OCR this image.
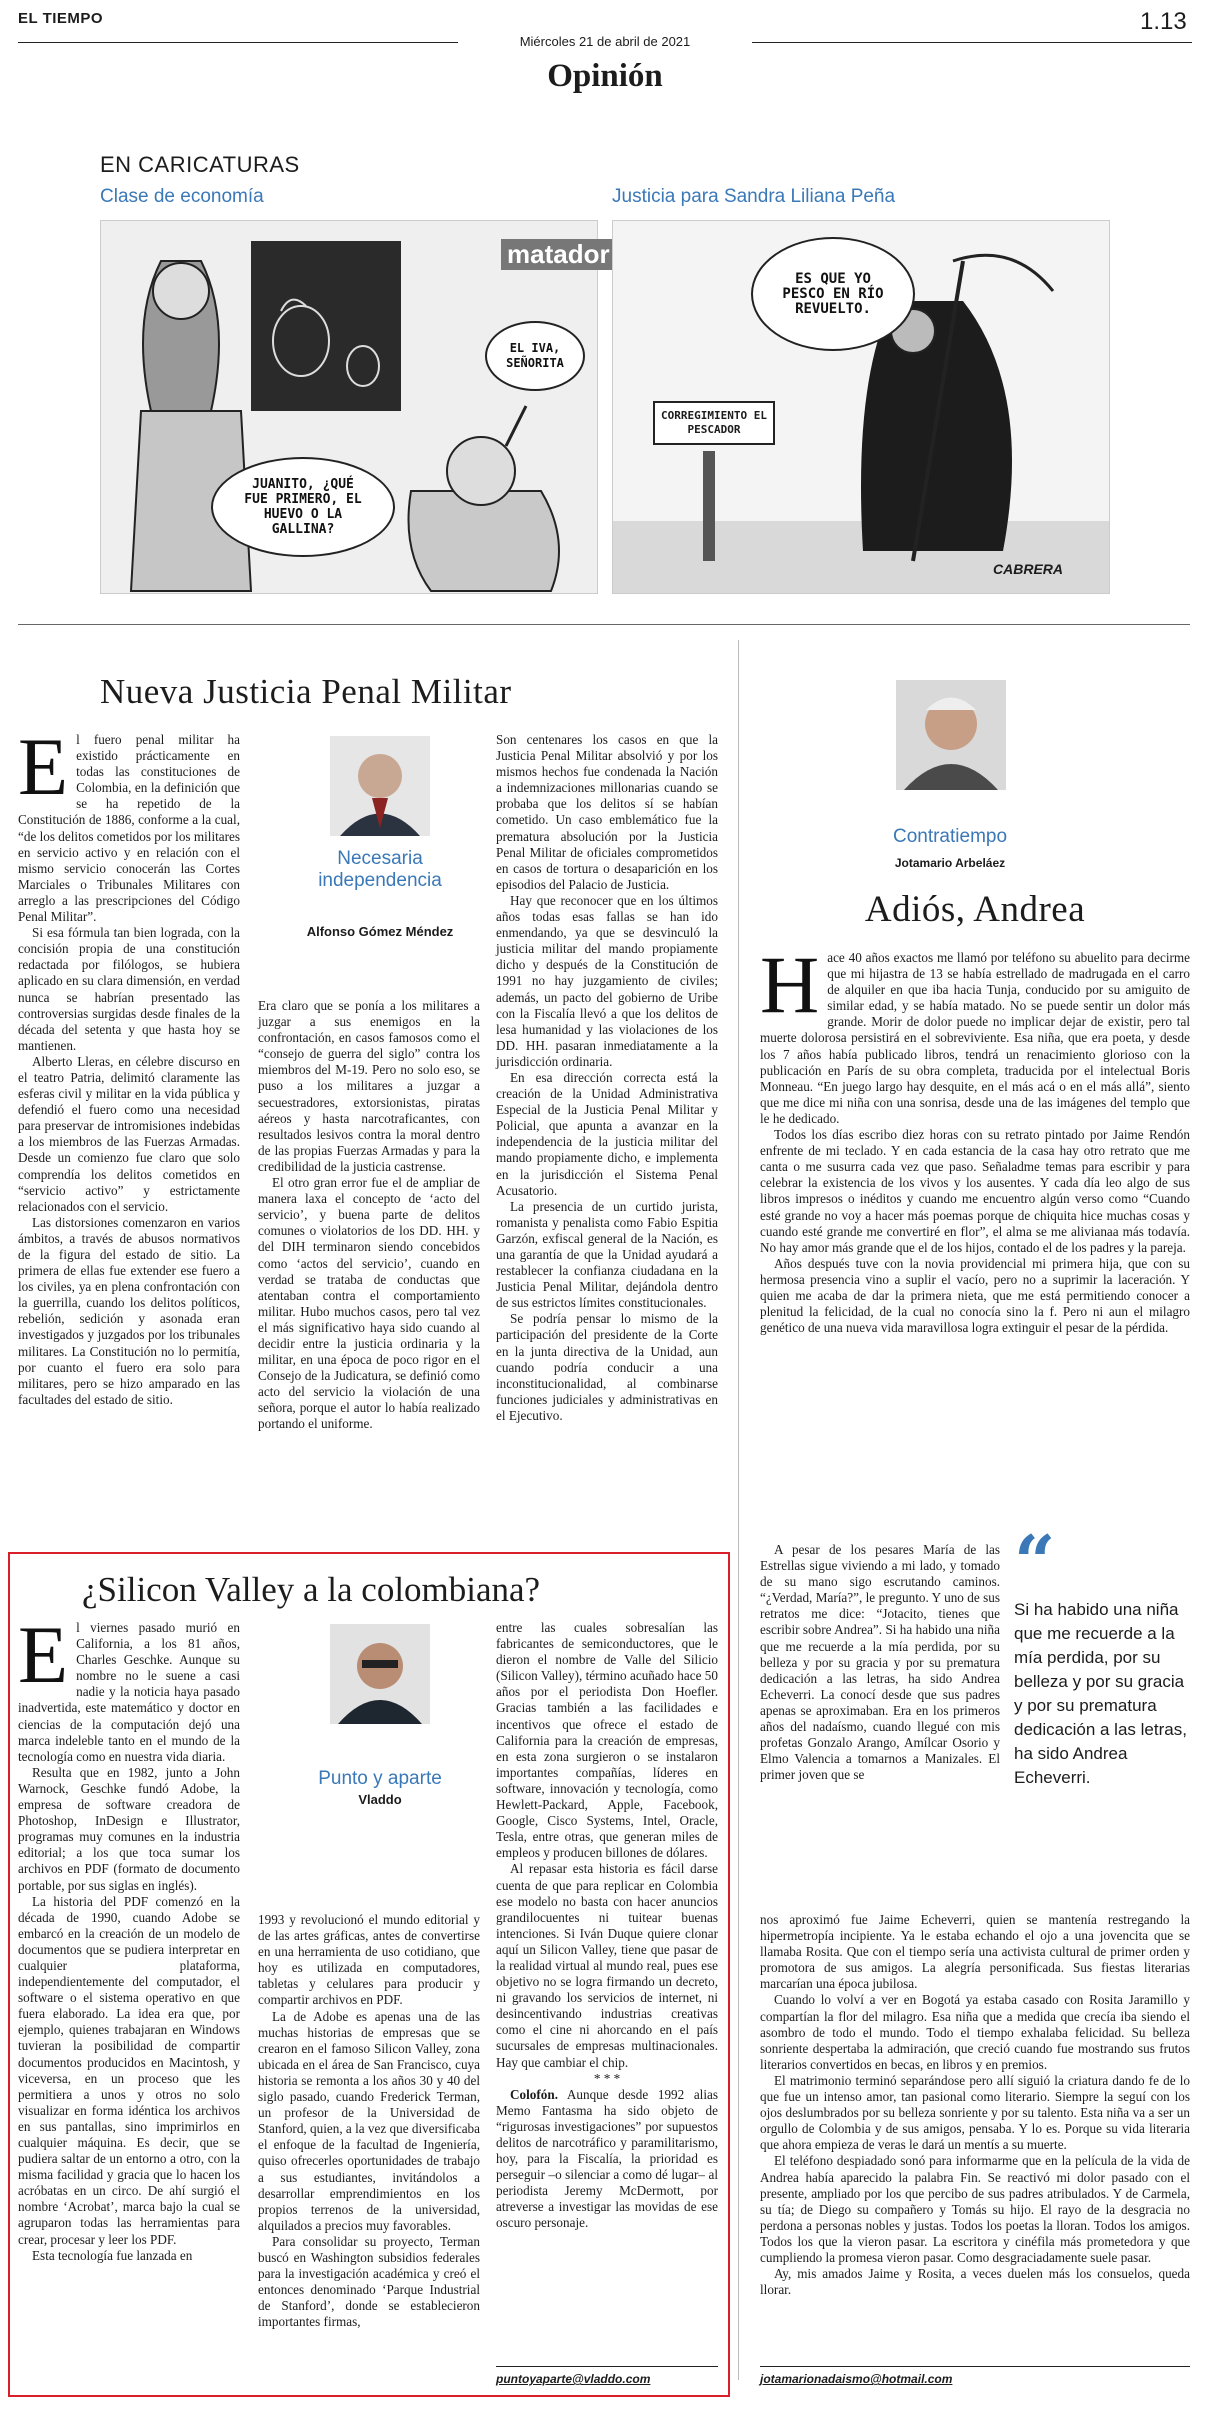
EL TIEMPO
Miércoles 21 de abril de 2021
1.13
Opinión
EN CARICATURAS
Clase de economía	Justicia para Sandra Liliana Peña
matador
JUANITO, ¿QUÉ FUE PRIMERO, EL HUEVO O LA GALLINA?
EL IVA, SEÑORITA
ES QUE YO PESCO EN RÍO REVUELTO.
CORREGIMIENTO EL PESCADOR
CABRERA
Nueva Justicia Penal Militar
E l fuero penal militar ha existido prácticamente en todas las constituciones de Colombia, en la definición que se ha repetido de la Constitución de 1886, conforme a la cual, “de los delitos cometidos por los militares en servicio activo y en relación con el mismo servicio conocerán las Cortes Marciales o Tribunales Militares con arreglo a las prescripciones del Código Penal Militar”.

Si esa fórmula tan bien lograda, con la concisión propia de una constitución redactada por filólogos, se hubiera aplicado en su clara dimensión, en verdad nunca se habrían presentado las controversias surgidas desde finales de la década del setenta y que hasta hoy se mantienen.

Alberto Lleras, en célebre discurso en el teatro Patria, delimitó claramente las esferas civil y militar en la vida pública y defendió el fuero como una necesidad para preservar de intromisiones indebidas a los miembros de las Fuerzas Armadas. Desde un comienzo fue claro que solo comprendía los delitos cometidos en “servicio activo” y estrictamente relacionados con el servicio.

Las distorsiones comenzaron en varios ámbitos, a través de abusos normativos de la figura del estado de sitio. La primera de ellas fue extender ese fuero a los civiles, ya en plena confrontación con la guerrilla, cuando los delitos políticos, rebelión, sedición y asonada eran investigados y juzgados por los tribunales militares. La Constitución no lo permitía, por cuanto el fuero era solo para militares, pero se hizo amparado en las facultades del estado de sitio.

Necesaria independencia
Alfonso Gómez Méndez

Era claro que se ponía a los militares a juzgar a sus enemigos en la confrontación, en casos famosos como el “consejo de guerra del siglo” contra los miembros del M-19. Pero no solo eso, se puso a los militares a juzgar a secuestradores, extorsionistas, piratas aéreos y hasta narcotraficantes, con resultados lesivos contra la moral dentro de las propias Fuerzas Armadas y para la credibilidad de la justicia castrense.

El otro gran error fue el de ampliar de manera laxa el concepto de ‘acto del servicio’, y buena parte de delitos comunes o violatorios de los DD. HH. y del DIH terminaron siendo concebidos como ‘actos del servicio’, cuando en verdad se trataba de conductas que atentaban contra el comportamiento militar. Hubo muchos casos, pero tal vez el más significativo haya sido cuando al decidir entre la justicia ordinaria y la militar, en una época de poco rigor en el Consejo de la Judicatura, se definió como acto del servicio la violación de una señora, porque el autor lo había realizado portando el uniforme.

Son centenares los casos en que la Justicia Penal Militar absolvió y por los mismos hechos fue condenada la Nación a indemnizaciones millonarias cuando se probaba que los delitos sí se habían cometido. Un caso emblemático fue la prematura absolución por la Justicia Penal Militar de oficiales comprometidos en casos de tortura o desaparición en los episodios del Palacio de Justicia.

Hay que reconocer que en los últimos años todas esas fallas se han ido enmendando, ya que se desvinculó la justicia militar del mando propiamente dicho y después de la Constitución de 1991 no hay juzgamiento de civiles; además, un pacto del gobierno de Uribe con la Fiscalía llevó a que los delitos de lesa humanidad y las violaciones de los DD. HH. pasaran inmediatamente a la jurisdicción ordinaria.

En esa dirección correcta está la creación de la Unidad Administrativa Especial de la Justicia Penal Militar y Policial, que apunta a avanzar en la independencia de la justicia militar del mando propiamente dicho, e implementa en la jurisdicción el Sistema Penal Acusatorio.

La presencia de un curtido jurista, romanista y penalista como Fabio Espitia Garzón, exfiscal general de la Nación, es una garantía de que la Unidad ayudará a restablecer la confianza ciudadana en la Justicia Penal Militar, dejándola dentro de sus estrictos límites constitucionales.

Se podría pensar lo mismo de la participación del presidente de la Corte en la junta directiva de la Unidad, aun cuando podría conducir a una inconstitucionalidad, al combinarse funciones judiciales y administrativas en el Ejecutivo.

¿Silicon Valley a la colombiana?
E l viernes pasado murió en California, a los 81 años, Charles Geschke. Aunque su nombre no le suene a casi nadie y la noticia haya pasado inadvertida, este matemático y doctor en ciencias de la computación dejó una marca indeleble tanto en el mundo de la tecnología como en nuestra vida diaria.

Resulta que en 1982, junto a John Warnock, Geschke fundó Adobe, la empresa de software creadora de Photoshop, InDesign e Illustrator, programas muy comunes en la industria editorial; a los que toca sumar los archivos en PDF (formato de documento portable, por sus siglas en inglés).

La historia del PDF comenzó en la década de 1990, cuando Adobe se embarcó en la creación de un modelo de documentos que se pudiera interpretar en cualquier plataforma, independientemente del computador, el software o el sistema operativo en que fuera elaborado. La idea era que, por ejemplo, quienes trabajaran en Windows tuvieran la posibilidad de compartir documentos producidos en Macintosh, y viceversa, en un proceso que les permitiera a unos y otros no solo visualizar en forma idéntica los archivos en sus pantallas, sino imprimirlos en cualquier máquina. Es decir, que se pudiera saltar de un entorno a otro, con la misma facilidad y gracia que lo hacen los acróbatas en un circo. De ahí surgió el nombre ‘Acrobat’, marca bajo la cual se agruparon todas las herramientas para crear, procesar y leer los PDF.

Esta tecnología fue lanzada en

Punto y aparte
Vladdo

1993 y revolucionó el mundo editorial y de las artes gráficas, antes de convertirse en una herramienta de uso cotidiano, que hoy es utilizada en computadores, tabletas y celulares para producir y compartir archivos en PDF.

La de Adobe es apenas una de las muchas historias de empresas que se crearon en el famoso Silicon Valley, zona ubicada en el área de San Francisco, cuya historia se remonta a los años 30 y 40 del siglo pasado, cuando Frederick Terman, un profesor de la Universidad de Stanford, quien, a la vez que diversificaba el enfoque de la facultad de Ingeniería, quiso ofrecerles oportunidades de trabajo a sus estudiantes, invitándolos a desarrollar emprendimientos en los propios terrenos de la universidad, alquilados a precios muy favorables.

Para consolidar su proyecto, Terman buscó en Washington subsidios federales para la investigación académica y creó el entonces denominado ‘Parque Industrial de Stanford’, donde se establecieron importantes firmas,

entre las cuales sobresalían las fabricantes de semiconductores, que le dieron el nombre de Valle del Silicio (Silicon Valley), término acuñado hace 50 años por el periodista Don Hoefler. Gracias también a las facilidades e incentivos que ofrece el estado de California para la creación de empresas, en esta zona surgieron o se instalaron importantes compañías, líderes en software, innovación y tecnología, como Hewlett-Packard, Apple, Facebook, Google, Cisco Systems, Intel, Oracle, Tesla, entre otras, que generan miles de empleos y producen billones de dólares.

Al repasar esta historia es fácil darse cuenta de que para replicar en Colombia ese modelo no basta con hacer anuncios grandilocuentes ni tuitear buenas intenciones. Si Iván Duque quiere clonar aquí un Silicon Valley, tiene que pasar de la realidad virtual al mundo real, pues ese objetivo no se logra firmando un decreto, ni gravando los servicios de internet, ni desincentivando industrias creativas como el cine ni ahorcando en el país sucursales de empresas multinacionales. Hay que cambiar el chip.

* * *

Colofón. Aunque desde 1992 alias Memo Fantasma ha sido objeto de “rigurosas investigaciones” por supuestos delitos de narcotráfico y paramilitarismo, hoy, para la Fiscalía, la prioridad es perseguir –o silenciar a como dé lugar– al periodista Jeremy McDermott, por atreverse a investigar las movidas de ese oscuro personaje.

puntoyaparte@vladdo.com
Contratiempo
Jotamario Arbeláez
Adiós, Andrea
H ace 40 años exactos me llamó por teléfono su abuelito para decirme que mi hijastra de 13 se había estrellado de madrugada en el carro de alquiler en que iba hacia Tunja, conducido por su amiguito de similar edad, y se había matado. No se puede sentir un dolor más grande. Morir de dolor puede no implicar dejar de existir, pero tal muerte dolorosa persistirá en el sobreviviente. Esa niña, que era poeta, y desde los 7 años había publicado libros, tendrá un renacimiento glorioso con la publicación en París de su obra completa, traducida por el intelectual Boris Monneau. “En juego largo hay desquite, en el más acá o en el más allá”, siento que me dice mi niña con una sonrisa, desde una de las imágenes del templo que le he dedicado.

Todos los días escribo diez horas con su retrato pintado por Jaime Rendón enfrente de mi teclado. Y en cada estancia de la casa hay otro retrato que me canta o me susurra cada vez que paso. Señaladme temas para escribir y para celebrar la existencia de los vivos y los ausentes. Y cada día leo algo de sus libros impresos o inéditos y cuando me encuentro algún verso como “Cuando esté grande no voy a hacer más poemas porque de chiquita hice muchas cosas y cuando esté grande me convertiré en flor”, el alma se me alivianaa más todavía. No hay amor más grande que el de los hijos, contado el de los padres y la pareja.

Años después tuve con la novia providencial mi primera hija, que con su hermosa presencia vino a suplir el vacío, pero no a suprimir la laceración. Y quien me acaba de dar la primera nieta, que me está permitiendo conocer a plenitud la felicidad, de la cual no conocía sino la f. Pero ni aun el milagro genético de una nueva vida maravillosa logra extinguir el pesar de la pérdida.

A pesar de los pesares María de las Estrellas sigue viviendo a mi lado, y tomado de su mano sigo escrutando caminos. “¿Verdad, María?”, le pregunto. Y uno de sus retratos me dice: “Jotacito, tienes que escribir sobre Andrea”. Si ha habido una niña que me recuerde a la mía perdida, por su belleza y por su gracia y por su prematura dedicación a las letras, ha sido Andrea Echeverri. La conocí desde que sus padres apenas se aproximaban. Era en los primeros años del nadaísmo, cuando llegué con mis profetas Gonzalo Arango, Amílcar Osorio y Elmo Valencia a tomarnos a Manizales. El primer joven que se

“
Si ha habido una niña que me recuerde a la mía perdida, por su belleza y por su gracia y por su prematura dedicación a las letras, ha sido Andrea Echeverri.

nos aproximó fue Jaime Echeverri, quien se mantenía restregando la hipermetropía incipiente. Ya le estaba echando el ojo a una jovencita que se llamaba Rosita. Que con el tiempo sería una activista cultural de primer orden y promotora de sus amigos. La alegría personificada. Sus fiestas literarias marcarían una época jubilosa.

Cuando lo volví a ver en Bogotá ya estaba casado con Rosita Jaramillo y compartían la flor del milagro. Esa niña que a medida que crecía iba siendo el asombro de todo el mundo. Todo el tiempo exhalaba felicidad. Su belleza sonriente despertaba la admiración, que creció cuando fue mostrando sus frutos literarios convertidos en becas, en libros y en premios.

El matrimonio terminó separándose pero allí siguió la criatura dando fe de lo que fue un intenso amor, tan pasional como literario. Siempre la seguí con los ojos deslumbrados por su belleza sonriente y por su talento. Esta niña va a ser un orgullo de Colombia y de sus amigos, pensaba. Y lo es. Porque su vida literaria que ahora empieza de veras le dará un mentís a su muerte.

El teléfono despiadado sonó para informarme que en la película de la vida de Andrea había aparecido la palabra Fin. Se reactivó mi dolor pasado con el presente, ampliado por los que percibo de sus padres atribulados. Y de Carmela, su tía; de Diego su compañero y Tomás su hijo. El rayo de la desgracia no perdona a personas nobles y justas. Todos los poetas la lloran. Todos los amigos. Todos los que la vieron pasar. La escritora y cinéfila más prometedora y que cumpliendo la promesa vieron pasar. Como desgraciadamente suele pasar.

Ay, mis amados Jaime y Rosita, a veces duelen más los consuelos, queda llorar.

jotamarionadaismo@hotmail.com
